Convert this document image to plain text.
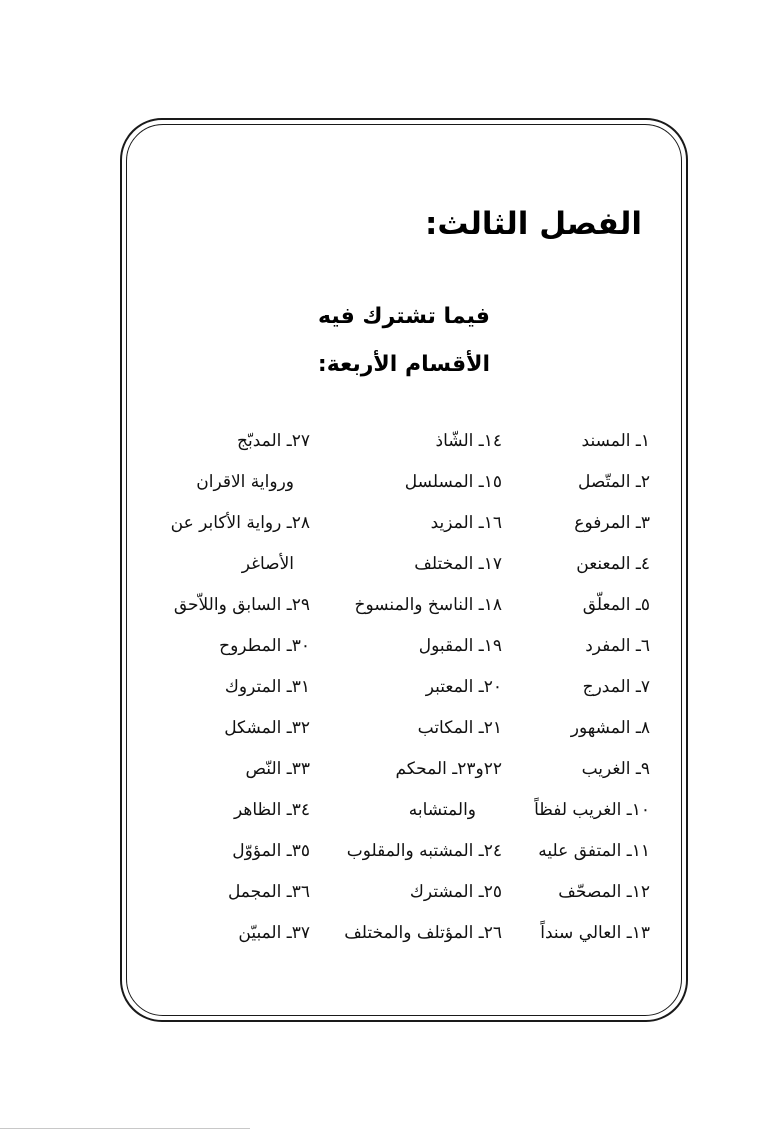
الفصل الثالث:

فيما تشترك فيه

الأقسام الأربعة:

١ـ المسند
٢ـ المتّصل
٣ـ المرفوع
٤ـ المعنعن
٥ـ المعلّق
٦ـ المفرد
٧ـ المدرج
٨ـ المشهور
٩ـ الغريب
١٠ـ الغريب لفظاً
١١ـ المتفق عليه
١٢ـ المصحّف
١٣ـ العالي سنداً
١٤ـ الشّاذ
١٥ـ المسلسل
١٦ـ المزيد
١٧ـ المختلف
١٨ـ الناسخ والمنسوخ
١٩ـ المقبول
٢٠ـ المعتبر
٢١ـ المكاتب
٢٢و٢٣ـ المحكم
والمتشابه
٢٤ـ المشتبه والمقلوب
٢٥ـ المشترك
٢٦ـ المؤتلف والمختلف
٢٧ـ المدبّج
ورواية الاقران
٢٨ـ رواية الأكابر عن
الأصاغر
٢٩ـ السابق واللاّحق
٣٠ـ المطروح
٣١ـ المتروك
٣٢ـ المشكل
٣٣ـ النّص
٣٤ـ الظاهر
٣٥ـ المؤوّل
٣٦ـ المجمل
٣٧ـ المبيّن
